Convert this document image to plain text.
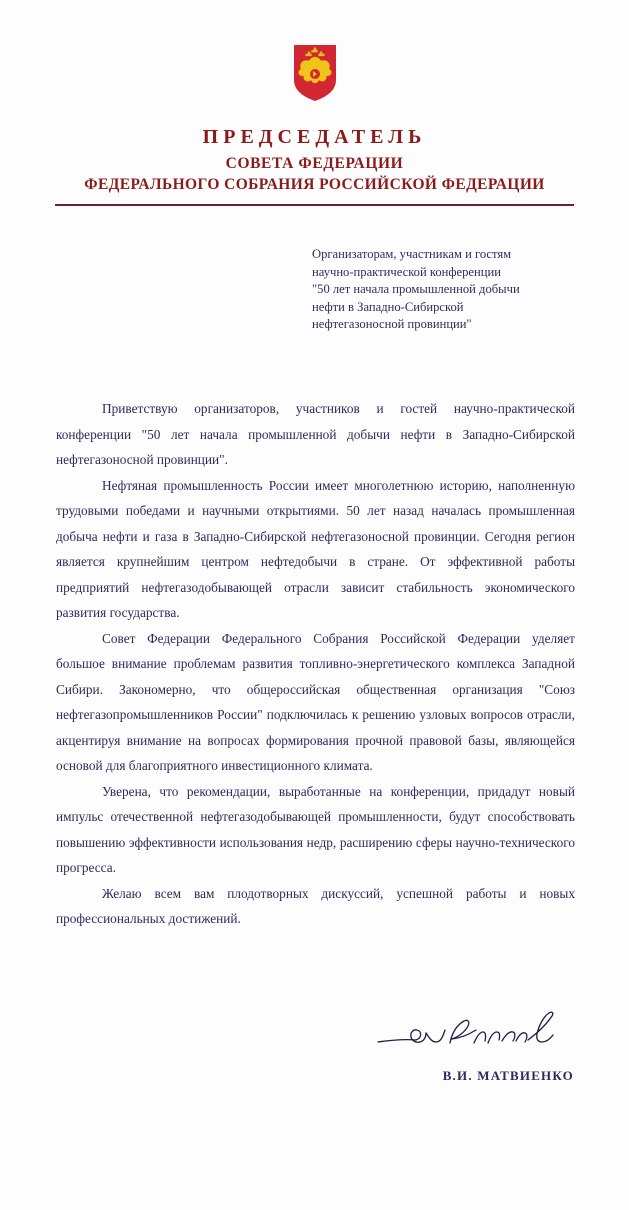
ПРЕДСЕДАТЕЛЬ
СОВЕТА ФЕДЕРАЦИИ
ФЕДЕРАЛЬНОГО СОБРАНИЯ РОССИЙСКОЙ ФЕДЕРАЦИИ
Организаторам, участникам и гостям
научно-практической конференции
"50 лет начала промышленной добычи
нефти в Западно-Сибирской
нефтегазоносной провинции"

Приветствую организаторов, участников и гостей научно-практической конференции "50 лет начала промышленной добычи нефти в Западно-Сибирской нефтегазоносной провинции".

Нефтяная промышленность России имеет многолетнюю историю, наполненную трудовыми победами и научными открытиями. 50 лет назад началась промышленная добыча нефти и газа в Западно-Сибирской нефтегазоносной провинции. Сегодня регион является крупнейшим центром нефтедобычи в стране. От эффективной работы предприятий нефтегазодобывающей отрасли зависит стабильность экономического развития государства.

Совет Федерации Федерального Собрания Российской Федерации уделяет большое внимание проблемам развития топливно-энергетического комплекса Западной Сибири. Закономерно, что общероссийская общественная организация "Союз нефтегазопромышленников России" подключилась к решению узловых вопросов отрасли, акцентируя внимание на вопросах формирования прочной правовой базы, являющейся основой для благоприятного инвестиционного климата.

Уверена, что рекомендации, выработанные на конференции, придадут новый импульс отечественной нефтегазодобывающей промышленности, будут способствовать повышению эффективности использования недр, расширению сферы научно-технического прогресса.

Желаю всем вам плодотворных дискуссий, успешной работы и новых профессиональных достижений.

В.И. МАТВИЕНКО
